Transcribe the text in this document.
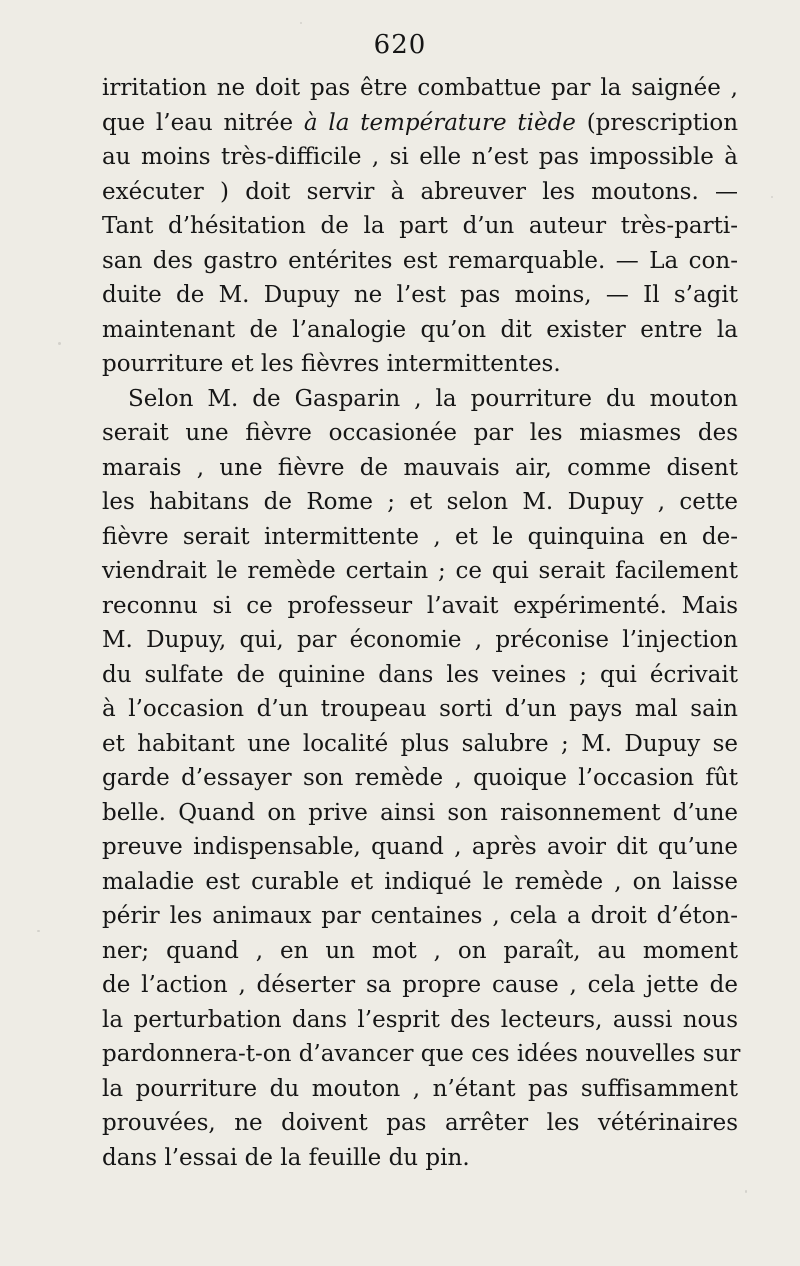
620
irritation ne doit pas être combattue par la saignée ,
que l’eau nitrée à la température tiède (prescription
au moins très-difficile , si elle n’est pas impossible à
exécuter ) doit servir à abreuver les moutons. —
Tant d’hésitation de la part d’un auteur très-parti-
san des gastro entérites est remarquable. — La con-
duite de M. Dupuy ne l’est pas moins, — Il s’agit
maintenant de l’analogie qu’on dit exister entre la
pourriture et les fièvres intermittentes.
Selon M. de Gasparin , la pourriture du mouton
serait une fièvre occasionée par les miasmes des
marais , une fièvre de mauvais air, comme disent
les habitans de Rome ; et selon M. Dupuy , cette
fièvre serait intermittente , et le quinquina en de-
viendrait le remède certain ; ce qui serait facilement
reconnu si ce professeur l’avait expérimenté. Mais
M. Dupuy, qui, par économie , préconise l’injection
du sulfate de quinine dans les veines ; qui écrivait
à l’occasion d’un troupeau sorti d’un pays mal sain
et habitant une localité plus salubre ; M. Dupuy se
garde d’essayer son remède , quoique l’occasion fût
belle. Quand on prive ainsi son raisonnement d’une
preuve indispensable, quand , après avoir dit qu’une
maladie est curable et indiqué le remède , on laisse
périr les animaux par centaines , cela a droit d’éton-
ner; quand , en un mot , on paraît, au moment
de l’action , déserter sa propre cause , cela jette de
la perturbation dans l’esprit des lecteurs, aussi nous
pardonnera-t-on d’avancer que ces idées nouvelles sur
la pourriture du mouton , n’étant pas suffisamment
prouvées, ne doivent pas arrêter les vétérinaires
dans l’essai de la feuille du pin.
